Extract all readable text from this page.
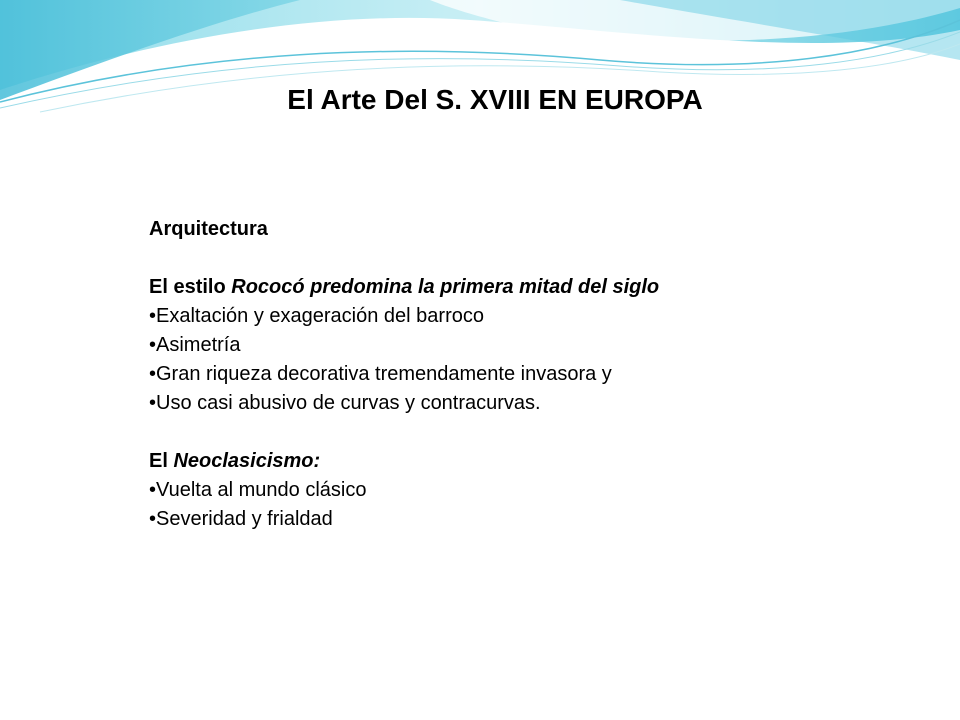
El Arte Del S. XVIII EN EUROPA

Arquitectura

El estilo Rococó predomina la primera mitad del siglo

•Exaltación y exageración del barroco

•Asimetría

•Gran riqueza decorativa tremendamente invasora y

•Uso casi abusivo de curvas y contracurvas.

El Neoclasicismo:

•Vuelta al mundo clásico

•Severidad y frialdad
